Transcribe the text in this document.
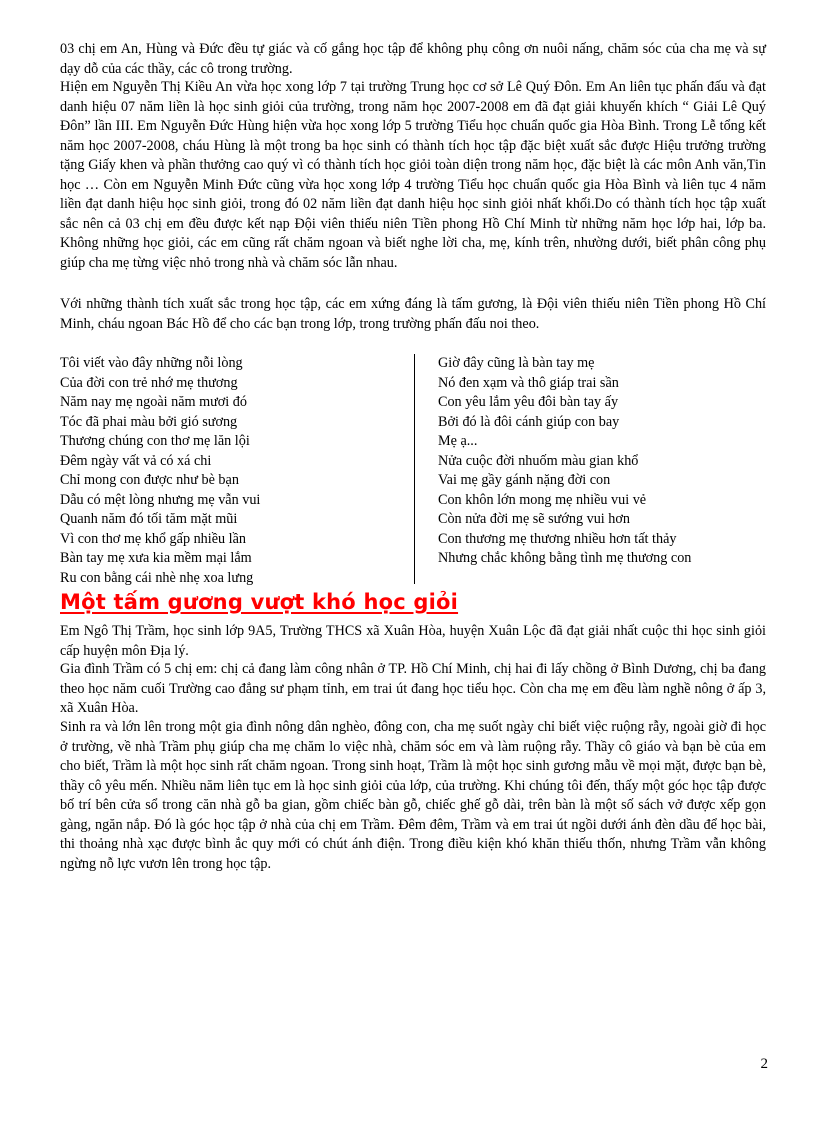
03 chị em An, Hùng và Đức đều tự giác và cố gắng học tập để không phụ công ơn nuôi nấng, chăm sóc của cha mẹ và sự dạy dỗ của các thầy, các cô trong trường.

Hiện em Nguyễn Thị Kiều An vừa học xong lớp 7 tại trường Trung học cơ sở Lê Quý Đôn. Em An liên tục phấn đấu và đạt danh hiệu 07 năm liền là học sinh giỏi của trường, trong năm học 2007-2008 em đã đạt giải khuyến khích “ Giải Lê Quý Đôn” lần III. Em Nguyễn Đức Hùng hiện vừa học xong lớp 5 trường Tiểu học chuẩn quốc gia Hòa Bình. Trong Lễ tổng kết năm học 2007-2008, cháu Hùng là một trong ba học sinh có thành tích học tập đặc biệt xuất sắc được Hiệu trưởng trường tặng Giấy khen và phần thưởng cao quý vì có thành tích học giỏi toàn diện trong năm học, đặc biệt là các môn Anh văn,Tin học … Còn em Nguyễn Minh Đức cũng vừa học xong lớp 4 trường Tiểu học chuẩn quốc gia Hòa Bình và liên tục 4 năm liền đạt danh hiệu học sinh giỏi, trong đó 02 năm liền đạt danh hiệu học sinh giỏi nhất khối.Do có thành tích học tập xuất sắc nên cả 03 chị em đều được kết nạp Đội viên thiếu niên Tiền phong Hồ Chí Minh từ những năm học lớp hai, lớp ba. Không những học giỏi, các em cũng rất chăm ngoan và biết nghe lời cha, mẹ, kính trên, nhường dưới, biết phân công phụ giúp cha mẹ từng việc nhỏ trong nhà và chăm sóc lẫn nhau.

Với những thành tích xuất sắc trong học tập, các em xứng đáng là tấm gương, là Đội viên thiếu niên Tiền phong Hồ Chí Minh, cháu ngoan Bác Hồ để cho các bạn trong lớp, trong trường phấn đấu noi theo.

Tôi viết vào đây những nỗi lòng
Của đời con trẻ nhớ mẹ thương
Năm nay mẹ ngoài năm mươi đó
Tóc đã phai màu bởi gió sương
Thương chúng con thơ mẹ lăn lội
Đêm ngày vất vả có xá chi
Chỉ mong con được như bè bạn
Dẫu có mệt lòng nhưng mẹ vẫn vui
Quanh năm đó tối tăm mặt mũi
Vì con thơ mẹ khổ gấp nhiều lần
Bàn tay mẹ xưa kia mềm mại lắm
Ru con bằng cái nhè nhẹ xoa lưng
Giờ đây cũng là bàn tay mẹ
Nó đen xạm và thô giáp trai sần
Con yêu lắm yêu đôi bàn tay ấy
Bởi đó là đôi cánh giúp con bay
Mẹ ạ...
Nửa cuộc đời nhuốm màu gian khổ
Vai mẹ gầy gánh nặng đời con
Con khôn lớn mong mẹ nhiều vui vẻ
Còn nửa đời mẹ sẽ sướng vui hơn
Con thương mẹ thương nhiều hơn tất thảy
Nhưng chắc không bằng tình mẹ thương con
Một tấm gương vượt khó học giỏi

Em Ngô Thị Trầm, học sinh lớp 9A5, Trường THCS xã Xuân Hòa, huyện Xuân Lộc đã đạt giải nhất cuộc thi học sinh giỏi cấp huyện môn Địa lý.

Gia đình Trầm có 5 chị em: chị cả đang làm công nhân ở TP. Hồ Chí Minh, chị hai đi lấy chồng ở Bình Dương, chị ba đang theo học năm cuối Trường cao đẳng sư phạm tỉnh, em trai út đang học tiểu học. Còn cha mẹ em đều làm nghề nông ở ấp 3, xã Xuân Hòa.

Sinh ra và lớn lên trong một gia đình nông dân nghèo, đông con, cha mẹ suốt ngày chỉ biết việc ruộng rẫy, ngoài giờ đi học ở trường, về nhà Trầm phụ giúp cha mẹ chăm lo việc nhà, chăm sóc em và làm ruộng rẫy. Thầy cô giáo và bạn bè của em cho biết, Trầm là một học sinh rất chăm ngoan. Trong sinh hoạt, Trầm là một học sinh gương mẫu về mọi mặt, được bạn bè, thầy cô yêu mến. Nhiều năm liên tục em là học sinh giỏi của lớp, của trường. Khi chúng tôi đến, thấy một góc học tập được bố trí bên cửa sổ trong căn nhà gỗ ba gian, gồm chiếc bàn gỗ, chiếc ghế gỗ dài, trên bàn là một số sách vở được xếp gọn gàng, ngăn nắp. Đó là góc học tập ở nhà của chị em Trầm. Đêm đêm, Trầm và em trai út ngồi dưới ánh đèn dầu để học bài, thi thoảng nhà xạc được bình ắc quy mới có chút ánh điện. Trong điều kiện khó khăn thiếu thốn, nhưng Trầm vẫn không ngừng nỗ lực vươn lên trong học tập.

2
